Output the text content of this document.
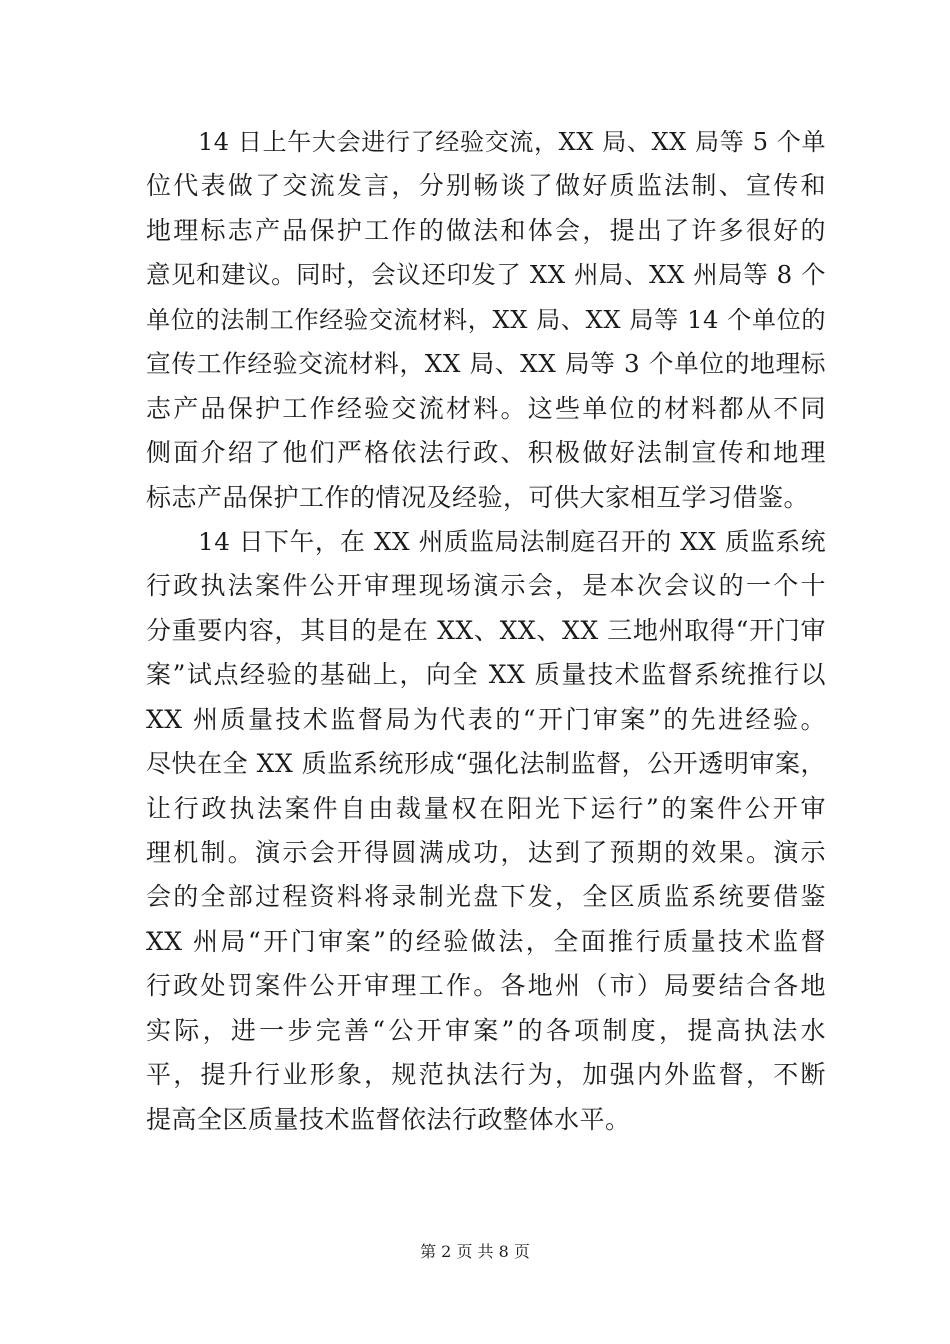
14 日上午大会进行了经验交流，XX 局、XX 局等 5 个单
位代表做了交流发言，分别畅谈了做好质监法制、宣传和
地理标志产品保护工作的做法和体会，提出了许多很好的
意见和建议。同时，会议还印发了 XX 州局、XX 州局等 8 个
单位的法制工作经验交流材料，XX 局、XX 局等 14 个单位的
宣传工作经验交流材料，XX 局、XX 局等 3 个单位的地理标
志产品保护工作经验交流材料。这些单位的材料都从不同
侧面介绍了他们严格依法行政、积极做好法制宣传和地理
标志产品保护工作的情况及经验，可供大家相互学习借鉴。
14 日下午，在 XX 州质监局法制庭召开的 XX 质监系统
行政执法案件公开审理现场演示会，是本次会议的一个十
分重要内容，其目的是在 XX、XX、XX 三地州取得“开门审
案”试点经验的基础上，向全 XX 质量技术监督系统推行以
XX 州质量技术监督局为代表的“开门审案”的先进经验。
尽快在全 XX 质监系统形成“强化法制监督，公开透明审案，
让行政执法案件自由裁量权在阳光下运行”的案件公开审
理机制。演示会开得圆满成功，达到了预期的效果。演示
会的全部过程资料将录制光盘下发，全区质监系统要借鉴
XX 州局“开门审案”的经验做法，全面推行质量技术监督
行政处罚案件公开审理工作。各地州（市）局要结合各地
实际，进一步完善“公开审案”的各项制度，提高执法水
平，提升行业形象，规范执法行为，加强内外监督，不断
提高全区质量技术监督依法行政整体水平。
第 2 页 共 8 页
